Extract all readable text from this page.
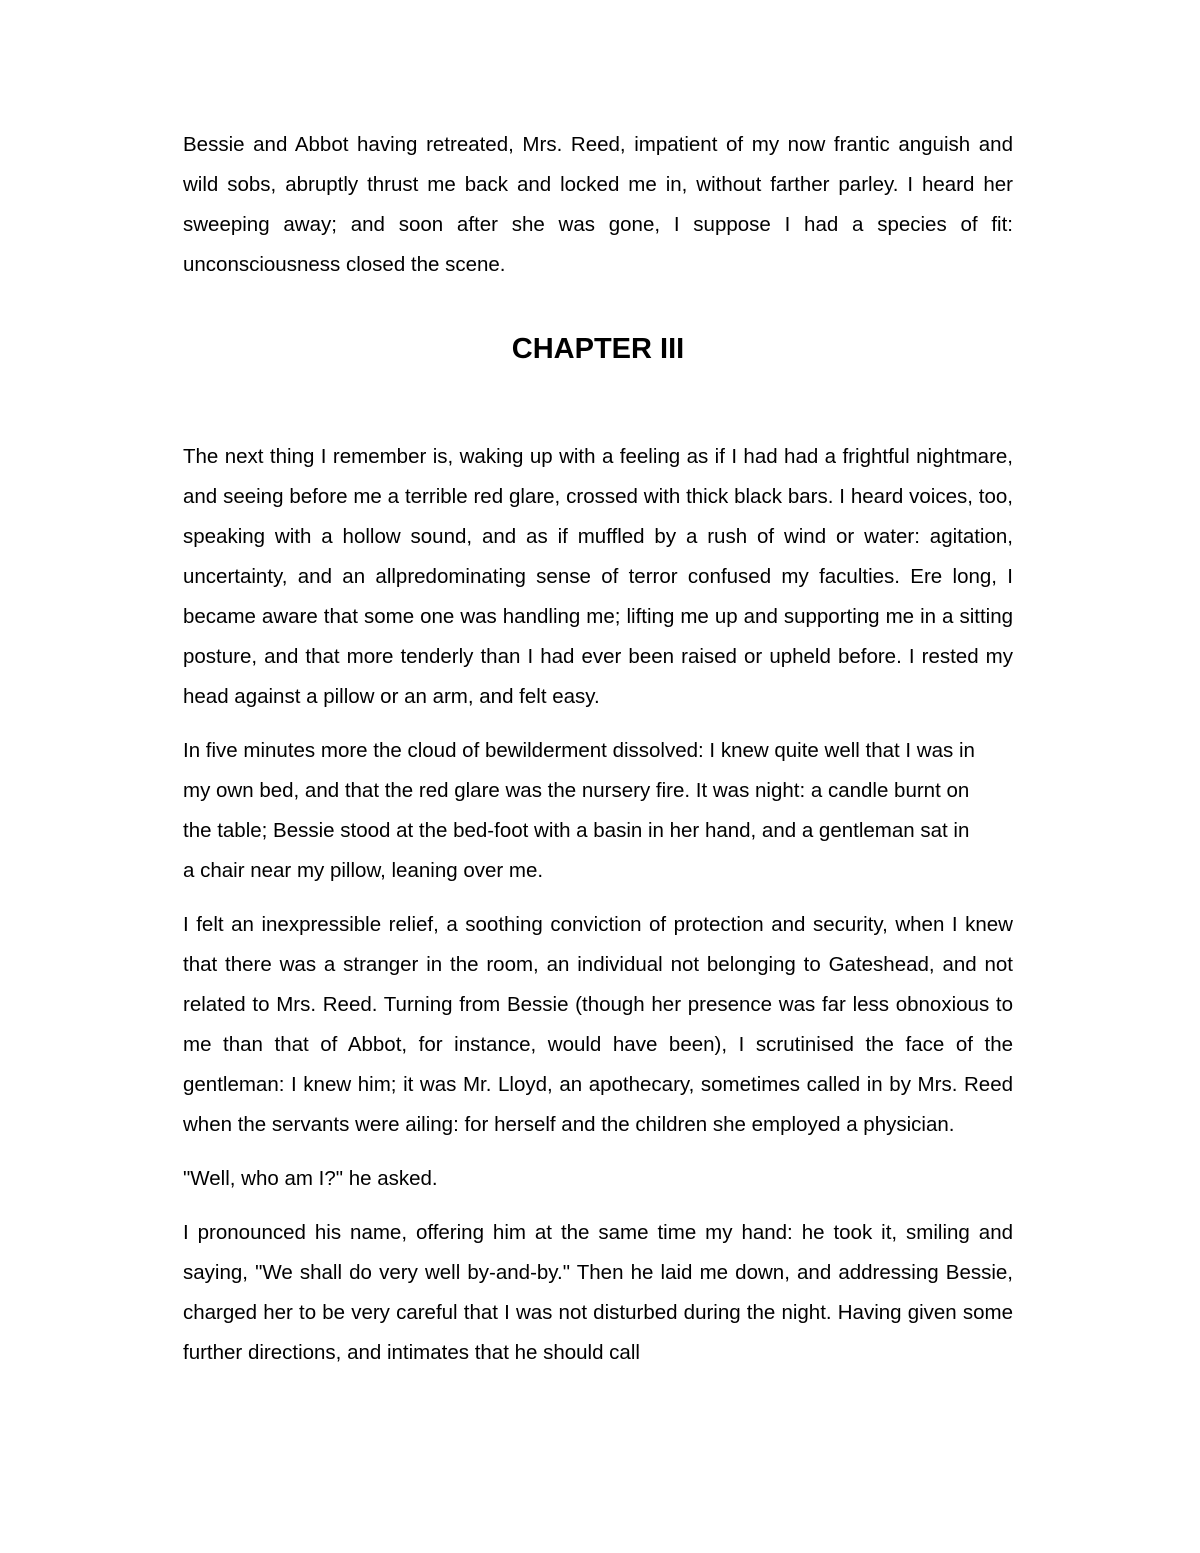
Bessie and Abbot having retreated, Mrs. Reed, impatient of my now frantic anguish and wild sobs, abruptly thrust me back and locked me in, without farther parley. I heard her sweeping away; and soon after she was gone, I suppose I had a species of fit: unconsciousness closed the scene.

CHAPTER III

The next thing I remember is, waking up with a feeling as if I had had a frightful nightmare, and seeing before me a terrible red glare, crossed with thick black bars. I heard voices, too, speaking with a hollow sound, and as if muffled by a rush of wind or water: agitation, uncertainty, and an allpredominating sense of terror confused my faculties. Ere long, I became aware that some one was handling me; lifting me up and supporting me in a sitting posture, and that more tenderly than I had ever been raised or upheld before. I rested my head against a pillow or an arm, and felt easy.

In five minutes more the cloud of bewilderment dissolved: I knew quite well that I was in my own bed, and that the red glare was the nursery fire. It was night: a candle burnt on the table; Bessie stood at the bed-foot with a basin in her hand, and a gentleman sat in a chair near my pillow, leaning over me.

I felt an inexpressible relief, a soothing conviction of protection and security, when I knew that there was a stranger in the room, an individual not belonging to Gateshead, and not related to Mrs. Reed. Turning from Bessie (though her presence was far less obnoxious to me than that of Abbot, for instance, would have been), I scrutinised the face of the gentleman: I knew him; it was Mr. Lloyd, an apothecary, sometimes called in by Mrs. Reed when the servants were ailing: for herself and the children she employed a physician.

"Well, who am I?" he asked.

I pronounced his name, offering him at the same time my hand: he took it, smiling and saying, "We shall do very well by-and-by." Then he laid me down, and addressing Bessie, charged her to be very careful that I was not disturbed during the night. Having given some further directions, and intimates that he should call
